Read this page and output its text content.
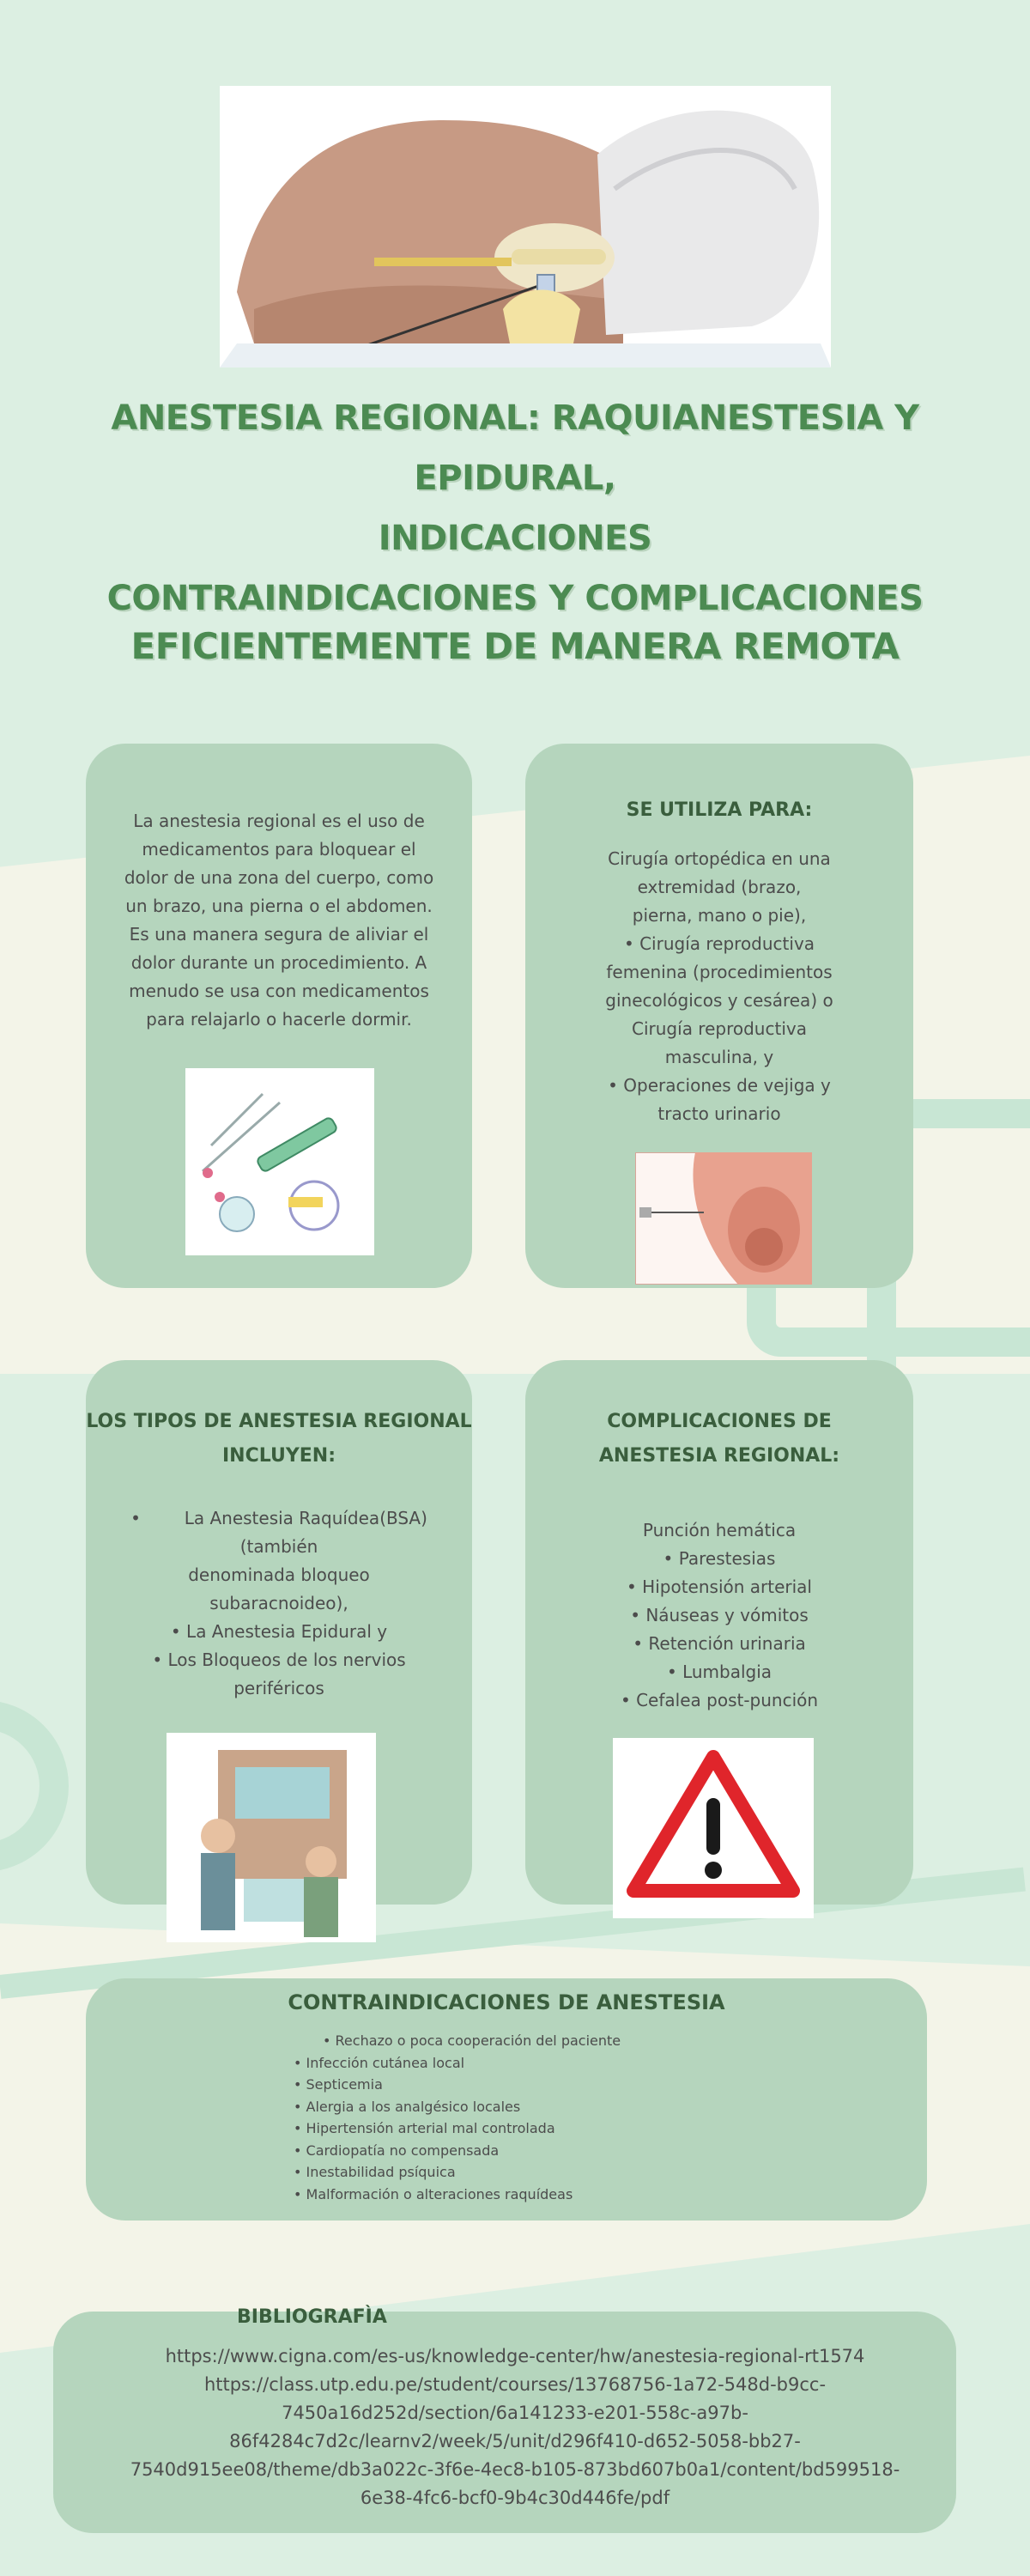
ANESTESIA REGIONAL: RAQUIANESTESIA Y EPIDURAL,
INDICACIONES
CONTRAINDICACIONES Y COMPLICACIONES
EFICIENTEMENTE DE MANERA REMOTA
La anestesia regional es el uso de
medicamentos para bloquear el
dolor de una zona del cuerpo, como
un brazo, una pierna o el abdomen.
Es una manera segura de aliviar el
dolor durante un procedimiento. A
menudo se usa con medicamentos
para relajarlo o hacerle dormir.
SE UTILIZA PARA:
Cirugía ortopédica en una
extremidad (brazo,
pierna, mano o pie),
• Cirugía reproductiva
femenina (procedimientos
ginecológicos y cesárea) o
Cirugía reproductiva
masculina, y
• Operaciones de vejiga y
tracto urinario
LOS TIPOS DE ANESTESIA REGIONAL
INCLUYEN:
•        La Anestesia Raquídea(BSA)
(también
denominada bloqueo
subaracnoideo),
• La Anestesia Epidural y
• Los Bloqueos de los nervios
periféricos
COMPLICACIONES DE
ANESTESIA REGIONAL:
Punción hemática
• Parestesias
• Hipotensión arterial
• Náuseas y vómitos
• Retención urinaria
• Lumbalgia
• Cefalea post-punción
CONTRAINDICACIONES DE ANESTESIA
• Rechazo o poca cooperación del paciente
• Infección cutánea local
• Septicemia
• Alergia a los analgésico locales
• Hipertensión arterial mal controlada
• Cardiopatía no compensada
• Inestabilidad psíquica
• Malformación o alteraciones raquídeas
BIBLIOGRAFÌA
https://www.cigna.com/es-us/knowledge-center/hw/anestesia-regional-rt1574
https://class.utp.edu.pe/student/courses/13768756-1a72-548d-b9cc-
7450a16d252d/section/6a141233-e201-558c-a97b-
86f4284c7d2c/learnv2/week/5/unit/d296f410-d652-5058-bb27-
7540d915ee08/theme/db3a022c-3f6e-4ec8-b105-873bd607b0a1/content/bd599518-
6e38-4fc6-bcf0-9b4c30d446fe/pdf
